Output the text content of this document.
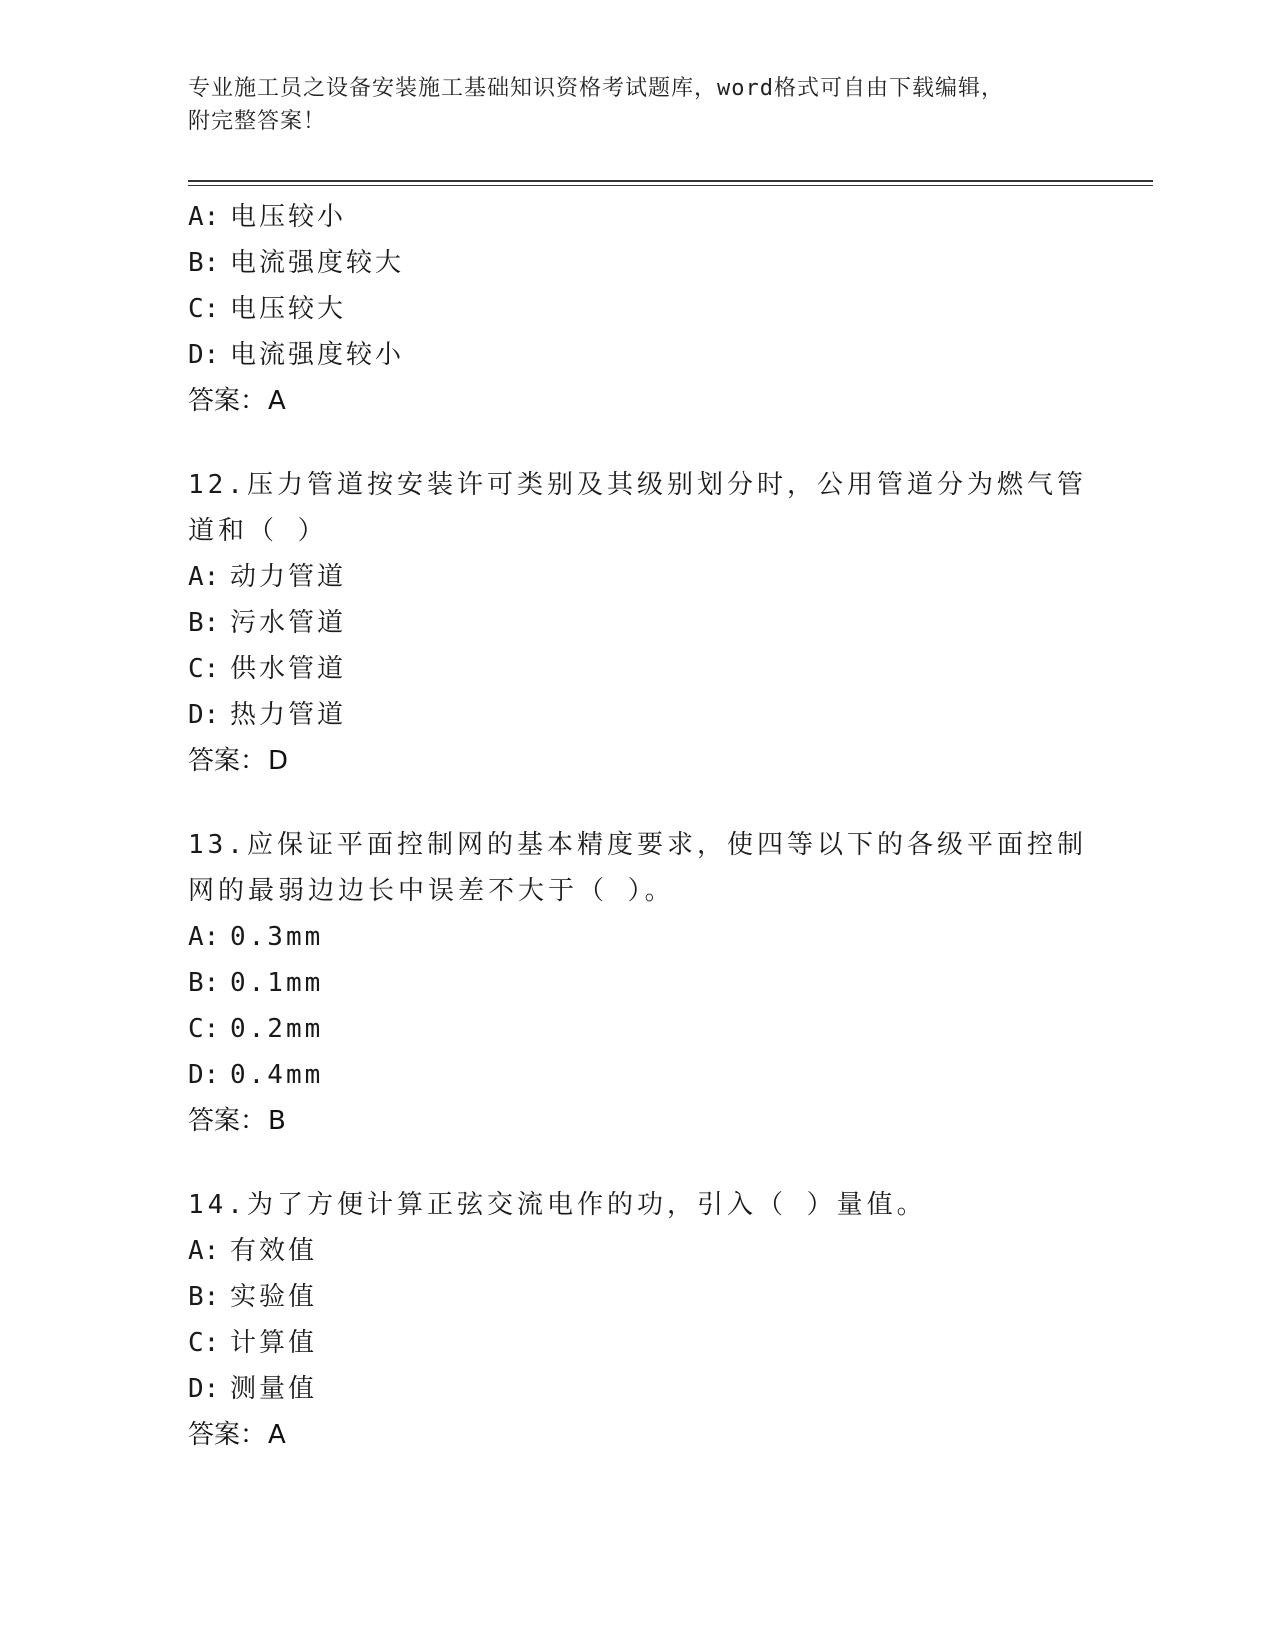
专业施工员之设备安装施工基础知识资格考试题库，word格式可自由下载编辑，
附完整答案！
A: 电压较小
B: 电流强度较大
C: 电压较大
D: 电流强度较小
答案： A
12.压力管道按安装许可类别及其级别划分时，公用管道分为燃气管道和（ ）
A: 动力管道
B: 污水管道
C: 供水管道
D: 热力管道
答案： D
13.应保证平面控制网的基本精度要求，使四等以下的各级平面控制网的最弱边边长中误差不大于（ ）。
A: 0.3mm
B: 0.1mm
C: 0.2mm
D: 0.4mm
答案： B
14.为了方便计算正弦交流电作的功，引入（ ）量值。
A: 有效值
B: 实验值
C: 计算值
D: 测量值
答案： A
